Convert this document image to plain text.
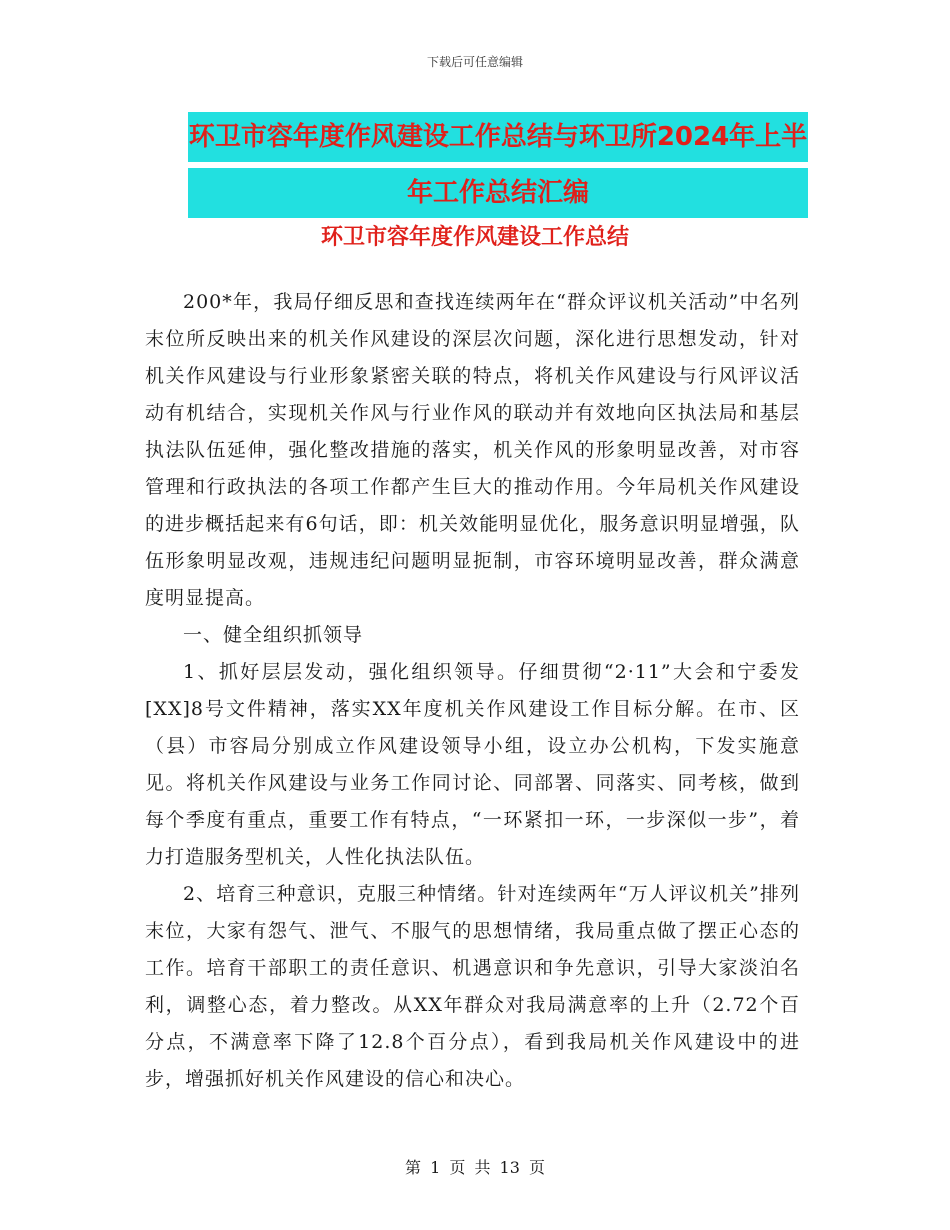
下载后可任意编辑
环卫市容年度作风建设工作总结与环卫所2024年上半
年工作总结汇编
环卫市容年度作风建设工作总结

200*年，我局仔细反思和查找连续两年在“群众评议机关活动”中名列末位所反映出来的机关作风建设的深层次问题，深化进行思想发动，针对机关作风建设与行业形象紧密关联的特点，将机关作风建设与行风评议活动有机结合，实现机关作风与行业作风的联动并有效地向区执法局和基层执法队伍延伸，强化整改措施的落实，机关作风的形象明显改善，对市容管理和行政执法的各项工作都产生巨大的推动作用。今年局机关作风建设的进步概括起来有6句话，即：机关效能明显优化，服务意识明显增强，队伍形象明显改观，违规违纪问题明显扼制，市容环境明显改善，群众满意度明显提高。

一、健全组织抓领导

1、抓好层层发动，强化组织领导。仔细贯彻“2·11”大会和宁委发[XX]8号文件精神，落实XX年度机关作风建设工作目标分解。在市、区（县）市容局分别成立作风建设领导小组，设立办公机构，下发实施意见。将机关作风建设与业务工作同讨论、同部署、同落实、同考核，做到每个季度有重点，重要工作有特点，“一环紧扣一环，一步深似一步”，着力打造服务型机关，人性化执法队伍。

2、培育三种意识，克服三种情绪。针对连续两年“万人评议机关”排列末位，大家有怨气、泄气、不服气的思想情绪，我局重点做了摆正心态的工作。培育干部职工的责任意识、机遇意识和争先意识，引导大家淡泊名利，调整心态，着力整改。从XX年群众对我局满意率的上升（2.72个百分点，不满意率下降了12.8个百分点），看到我局机关作风建设中的进步，增强抓好机关作风建设的信心和决心。

第 1 页 共 13 页
